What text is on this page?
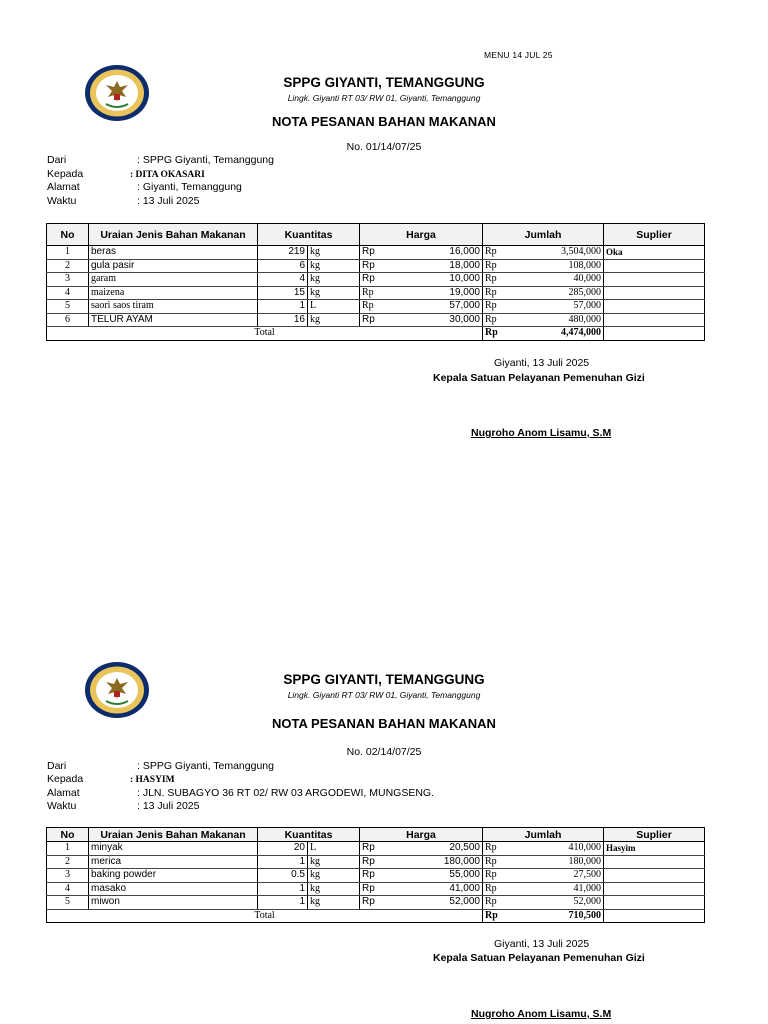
MENU 14 JUL 25
SPPG GIYANTI, TEMANGGUNG
Lingk. Giyanti RT 03/ RW 01, Giyanti, Temanggung
NOTA PESANAN BAHAN MAKANAN
No. 01/14/07/25
Dari	: SPPG Giyanti, Temanggung
Kepada	: DITA OKASARI
Alamat	: Giyanti, Temanggung
Waktu	: 13 Juli 2025
No	Uraian Jenis Bahan Makanan	Kuantitas		Harga		Jumlah		Suplier
1	beras	219	kg	Rp	16,000	Rp	3,504,000	Oka
2	gula pasir	6	kg	Rp	18,000	Rp	108,000	
3	garam	4	kg	Rp	10,000	Rp	40,000	
4	maizena	15	kg	Rp	19,000	Rp	285,000	
5	saori saos tiram	1	L	Rp	57,000	Rp	57,000	
6	TELUR AYAM	16	kg	Rp	30,000	Rp	480,000	
Total						Rp	4,474,000	
Giyanti, 13 Juli 2025
Kepala Satuan Pelayanan Pemenuhan Gizi
Nugroho Anom Lisamu, S.M
SPPG GIYANTI, TEMANGGUNG
Lingk. Giyanti RT 03/ RW 01, Giyanti, Temanggung
NOTA PESANAN BAHAN MAKANAN
No. 02/14/07/25
Dari	: SPPG Giyanti, Temanggung
Kepada	: HASYIM
Alamat	: JLN. SUBAGYO 36 RT 02/ RW 03 ARGODEWI, MUNGSENG.
Waktu	: 13 Juli 2025
No	Uraian Jenis Bahan Makanan	Kuantitas		Harga		Jumlah		Suplier
1	minyak	20	L	Rp	20,500	Rp	410,000	Hasyim
2	merica	1	kg	Rp	180,000	Rp	180,000	
3	baking powder	0.5	kg	Rp	55,000	Rp	27,500	
4	masako	1	kg	Rp	41,000	Rp	41,000	
5	miwon	1	kg	Rp	52,000	Rp	52,000	
Total						Rp	710,500	
Giyanti, 13 Juli 2025
Kepala Satuan Pelayanan Pemenuhan Gizi
Nugroho Anom Lisamu, S.M
